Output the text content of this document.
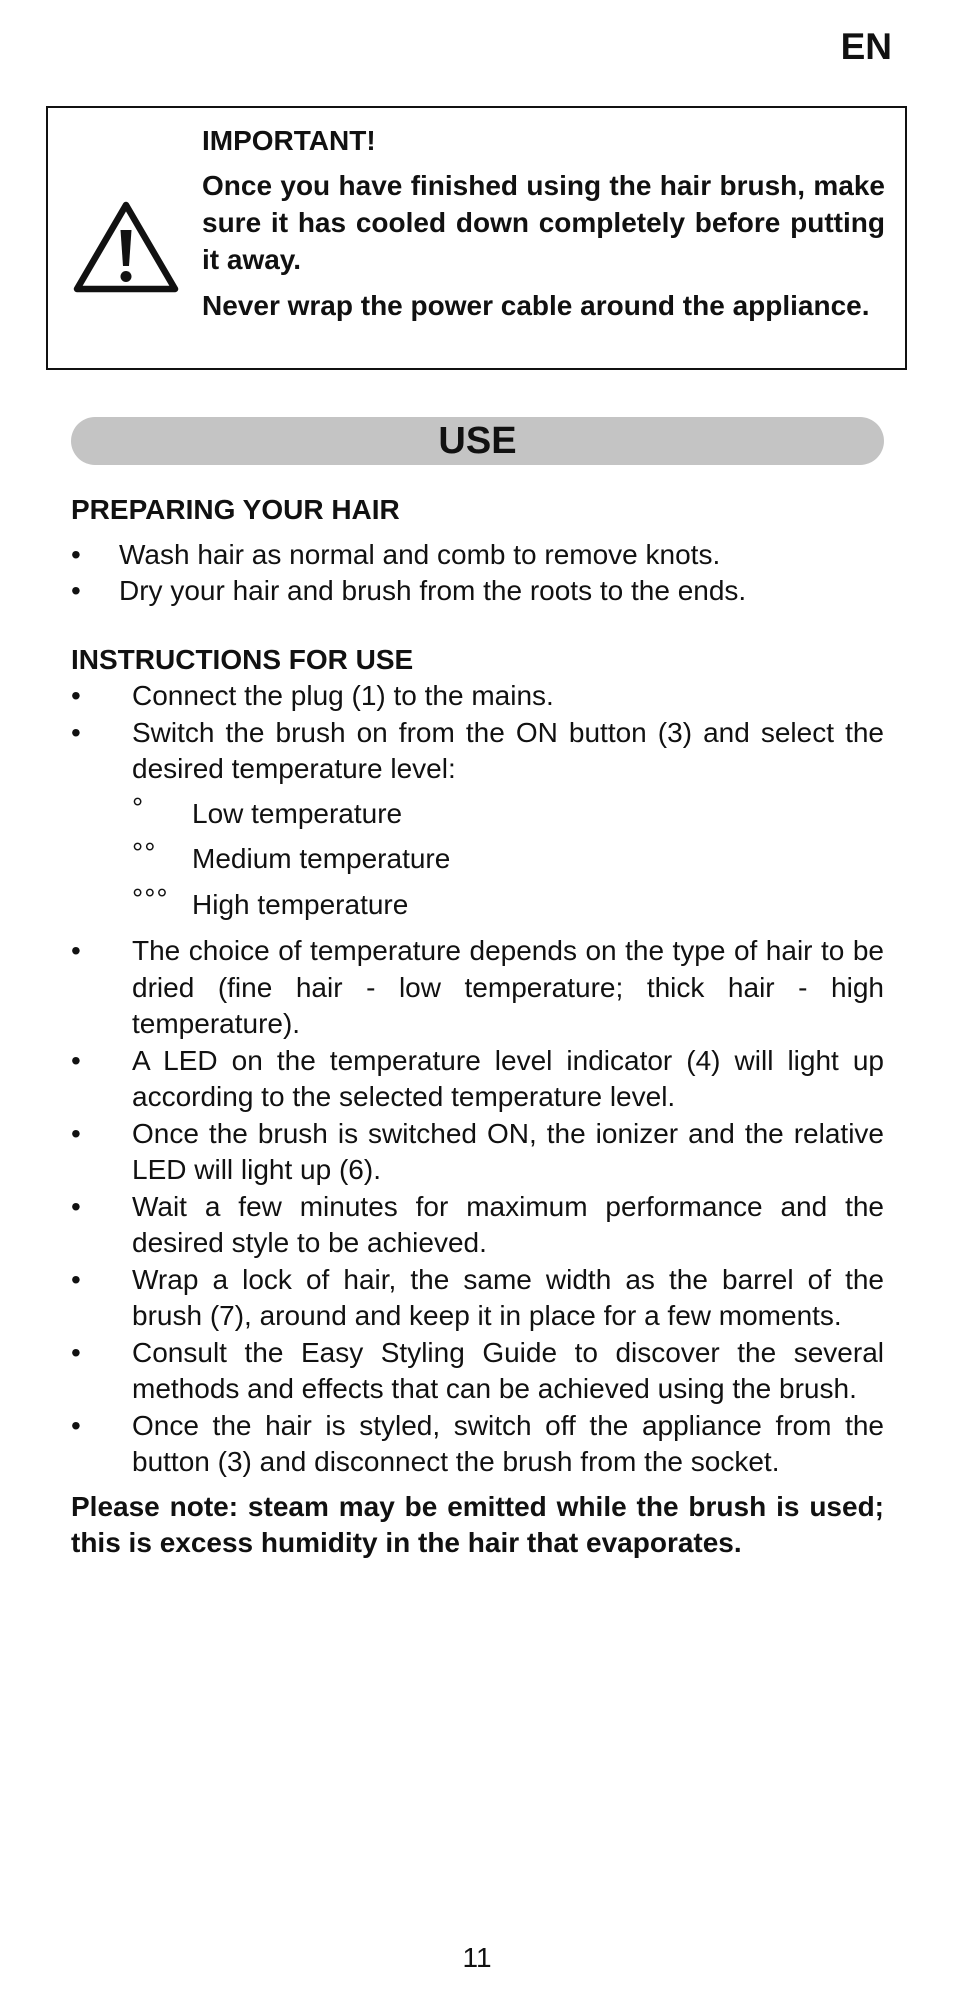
EN

IMPORTANT!

Once you have finished using the hair brush, make sure it has cooled down completely before putting it away.

Never wrap the power cable around the appliance.

USE

PREPARING YOUR HAIR

• Wash hair as normal and comb to remove knots.
• Dry your hair and brush from the roots to the ends.

INSTRUCTIONS FOR USE

• Connect the plug (1) to the mains.
• Switch the brush on from the ON button (3) and select the desired temperature level:
° Low temperature
°° Medium temperature
°°° High temperature
• The choice of temperature depends on the type of hair to be dried (fine hair - low temperature; thick hair - high temperature).
• A LED on the temperature level indicator (4) will light up according to the selected temperature level.
• Once the brush is switched ON, the ionizer and the relative LED will light up (6).
• Wait a few minutes for maximum performance and the desired style to be achieved.
• Wrap a lock of hair, the same width as the barrel of the brush (7), around and keep it in place for a few moments.
• Consult the Easy Styling Guide to discover the several methods and effects that can be achieved using the brush.
• Once the hair is styled, switch off the appliance from the button (3) and disconnect the brush from the socket.

Please note: steam may be emitted while the brush is used; this is excess humidity in the hair that evaporates.

11
